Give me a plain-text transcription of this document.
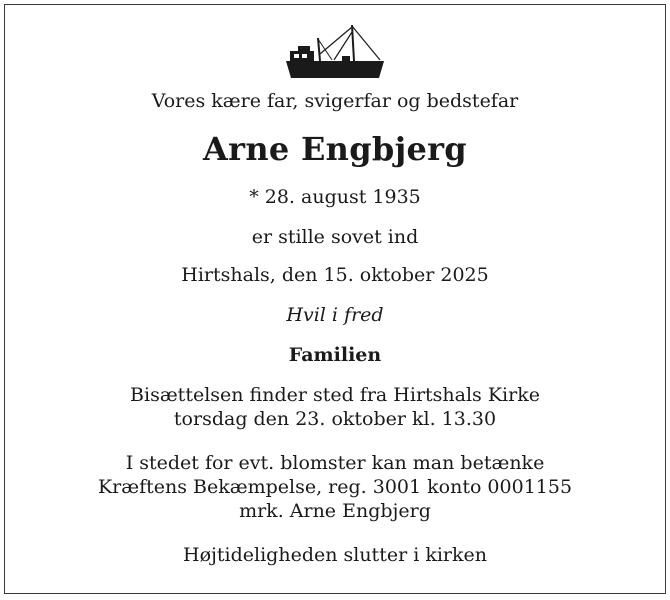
Vores kære far, svigerfar og bedstefar
Arne Engbjerg
* 28. august 1935
er stille sovet ind
Hirtshals, den 15. oktober 2025
Hvil i fred
Familien
Bisættelsen finder sted fra Hirtshals Kirke
torsdag den 23. oktober kl. 13.30
I stedet for evt. blomster kan man betænke
Kræftens Bekæmpelse, reg. 3001 konto 0001155
mrk. Arne Engbjerg
Højtideligheden slutter i kirken
